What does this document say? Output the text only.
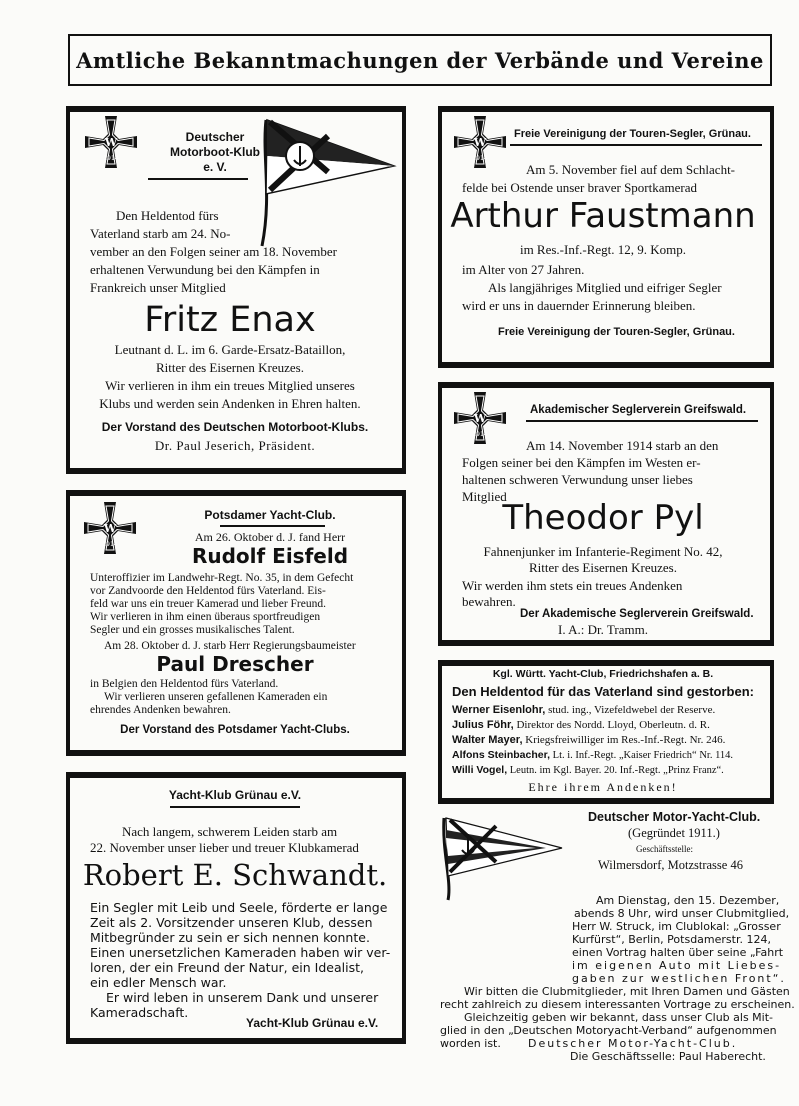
Amtliche Bekanntmachungen der Verbände und Vereine
W
1914
Deutscher
Motorboot-Klub
e. V.
Den Heldentod fürs
Vaterland starb am 24. No-
vember an den Folgen seiner am 18. November
erhaltenen Verwundung bei den Kämpfen in
Frankreich unser Mitglied
Fritz Enax
Leutnant d. L. im 6. Garde-Ersatz-Bataillon,
Ritter des Eisernen Kreuzes.
Wir verlieren in ihm ein treues Mitglied unseres
Klubs und werden sein Andenken in Ehren halten.
Der Vorstand des Deutschen Motorboot-Klubs.
Dr. Paul Jeserich, Präsident.
W
1914
Potsdamer Yacht-Club.
Am 26. Oktober d. J. fand Herr
Rudolf Eisfeld
Unteroffizier im Landwehr-Regt. No. 35, in dem Gefecht
vor Zandvoorde den Heldentod fürs Vaterland. Eis-
feld war uns ein treuer Kamerad und lieber Freund.
Wir verlieren in ihm einen überaus sportfreudigen
Segler und ein grosses musikalisches Talent.
Am 28. Oktober d. J. starb Herr Regierungsbaumeister
Paul Drescher
in Belgien den Heldentod fürs Vaterland.
Wir verlieren unseren gefallenen Kameraden ein
ehrendes Andenken bewahren.
Der Vorstand des Potsdamer Yacht-Clubs.
Yacht-Klub Grünau e.V.
Nach langem, schwerem Leiden starb am
22. November unser lieber und treuer Klubkamerad
Robert E. Schwandt.
Ein Segler mit Leib und Seele, förderte er lange
Zeit als 2. Vorsitzender unseren Klub, dessen
Mitbegründer zu sein er sich nennen konnte.
Einen unersetzlichen Kameraden haben wir ver-
loren, der ein Freund der Natur, ein Idealist,
ein edler Mensch war.
Er wird leben in unserem Dank und unserer
Kameradschaft.
Yacht-Klub Grünau e.V.
W
1914
Freie Vereinigung der Touren-Segler, Grünau.
Am 5. November fiel auf dem Schlacht-
felde bei Ostende unser braver Sportkamerad
Arthur Faustmann
im Res.-Inf.-Regt. 12, 9. Komp.
im Alter von 27 Jahren.
Als langjähriges Mitglied und eifriger Segler
wird er uns in dauernder Erinnerung bleiben.
Freie Vereinigung der Touren-Segler, Grünau.
W
1914
Akademischer Seglerverein Greifswald.
Am 14. November 1914 starb an den
Folgen seiner bei den Kämpfen im Westen er-
haltenen schweren Verwundung unser liebes
Mitglied
Theodor Pyl
Fahnenjunker im Infanterie-Regiment No. 42,
Ritter des Eisernen Kreuzes.
Wir werden ihm stets ein treues Andenken
bewahren.
Der Akademische Seglerverein Greifswald.
I. A.: Dr. Tramm.
Kgl. Württ. Yacht-Club, Friedrichshafen a. B.
Den Heldentod für das Vaterland sind gestorben:
Werner Eisenlohr, stud. ing., Vizefeldwebel der Reserve.
Julius Föhr, Direktor des Nordd. Lloyd, Oberleutn. d. R.
Walter Mayer, Kriegsfreiwilliger im Res.-Inf.-Regt. Nr. 246.
Alfons Steinbacher, Lt. i. Inf.-Regt. „Kaiser Friedrich“ Nr. 114.
Willi Vogel, Leutn. im Kgl. Bayer. 20. Inf.-Regt. „Prinz Franz“.
Ehre ihrem Andenken!
Deutscher Motor-Yacht-Club.
(Gegründet 1911.)
Geschäftsstelle:
Wilmersdorf, Motzstrasse 46
Am Dienstag, den 15. Dezember,
abends 8 Uhr, wird unser Clubmitglied,
Herr W. Struck, im Clublokal: „Grosser
Kurfürst“, Berlin, Potsdamerstr. 124,
einen Vortrag halten über seine „Fahrt
im eigenen Auto mit Liebes-
gaben zur westlichen Front“.
Wir bitten die Clubmitglieder, mit Ihren Damen und Gästen
recht zahlreich zu diesem interessanten Vortrage zu erscheinen.
Gleichzeitig geben wir bekannt, dass unser Club als Mit-
glied in den „Deutschen Motoryacht-Verband“ aufgenommen
worden ist. Deutscher Motor-Yacht-Club.
Die Geschäftsselle: Paul Haberecht.
